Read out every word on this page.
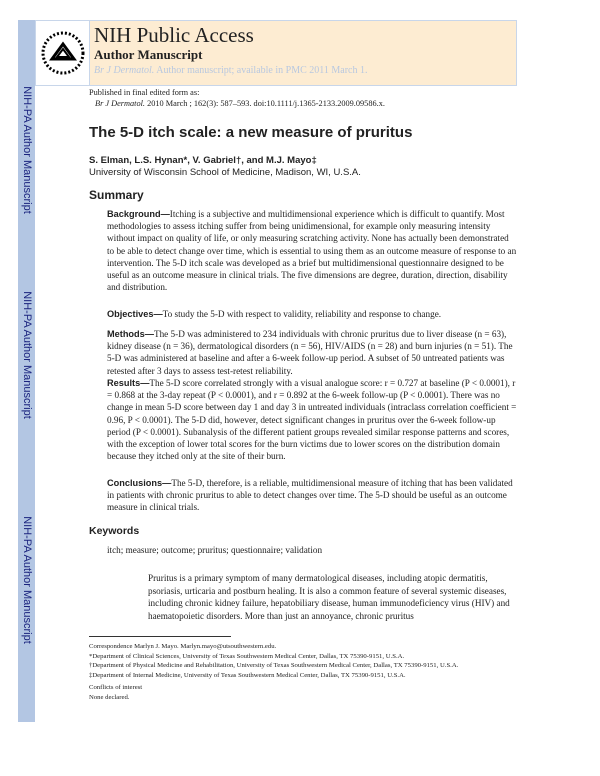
NIH-PA Author Manuscript
NIH-PA Author Manuscript
NIH-PA Author Manuscript
NIH Public Access
Author Manuscript
Br J Dermatol. Author manuscript; available in PMC 2011 March 1.
Published in final edited form as:
Br J Dermatol. 2010 March ; 162(3): 587–593. doi:10.1111/j.1365-2133.2009.09586.x.
The 5-D itch scale: a new measure of pruritus
S. Elman, L.S. Hynan*, V. Gabriel†, and M.J. Mayo‡
University of Wisconsin School of Medicine, Madison, WI, U.S.A.
Summary
Background—Itching is a subjective and multidimensional experience which is difficult to quantify. Most methodologies to assess itching suffer from being unidimensional, for example only measuring intensity without impact on quality of life, or only measuring scratching activity. None has actually been demonstrated to be able to detect change over time, which is essential to using them as an outcome measure of response to an intervention. The 5-D itch scale was developed as a brief but multidimensional questionnaire designed to be useful as an outcome measure in clinical trials. The five dimensions are degree, duration, direction, disability and distribution.
Objectives—To study the 5-D with respect to validity, reliability and response to change.
Methods—The 5-D was administered to 234 individuals with chronic pruritus due to liver disease (n = 63), kidney disease (n = 36), dermatological disorders (n = 56), HIV/AIDS (n = 28) and burn injuries (n = 51). The 5-D was administered at baseline and after a 6-week follow-up period. A subset of 50 untreated patients was retested after 3 days to assess test-retest reliability.
Results—The 5-D score correlated strongly with a visual analogue score: r = 0.727 at baseline (P < 0.0001), r = 0.868 at the 3-day repeat (P < 0.0001), and r = 0.892 at the 6-week follow-up (P < 0.0001). There was no change in mean 5-D score between day 1 and day 3 in untreated individuals (intraclass correlation coefficient = 0.96, P < 0.0001). The 5-D did, however, detect significant changes in pruritus over the 6-week follow-up period (P < 0.0001). Subanalysis of the different patient groups revealed similar response patterns and scores, with the exception of lower total scores for the burn victims due to lower scores on the distribution domain because they itched only at the site of their burn.
Conclusions—The 5-D, therefore, is a reliable, multidimensional measure of itching that has been validated in patients with chronic pruritus to able to detect changes over time. The 5-D should be useful as an outcome measure in clinical trials.
Keywords
itch; measure; outcome; pruritus; questionnaire; validation
Pruritus is a primary symptom of many dermatological diseases, including atopic dermatitis, psoriasis, urticaria and postburn healing. It is also a common feature of several systemic diseases, including chronic kidney failure, hepatobiliary disease, human immunodeficiency virus (HIV) and haematopoietic disorders. More than just an annoyance, chronic pruritus
Correspondence Marlyn J. Mayo. Marlyn.mayo@utsouthwestern.edu.
*Department of Clinical Sciences, University of Texas Southwestern Medical Center, Dallas, TX 75390-9151, U.S.A.
†Department of Physical Medicine and Rehabilitation, University of Texas Southwestern Medical Center, Dallas, TX 75390-9151, U.S.A.
‡Department of Internal Medicine, University of Texas Southwestern Medical Center, Dallas, TX 75390-9151, U.S.A.
Conflicts of interest
None declared.
